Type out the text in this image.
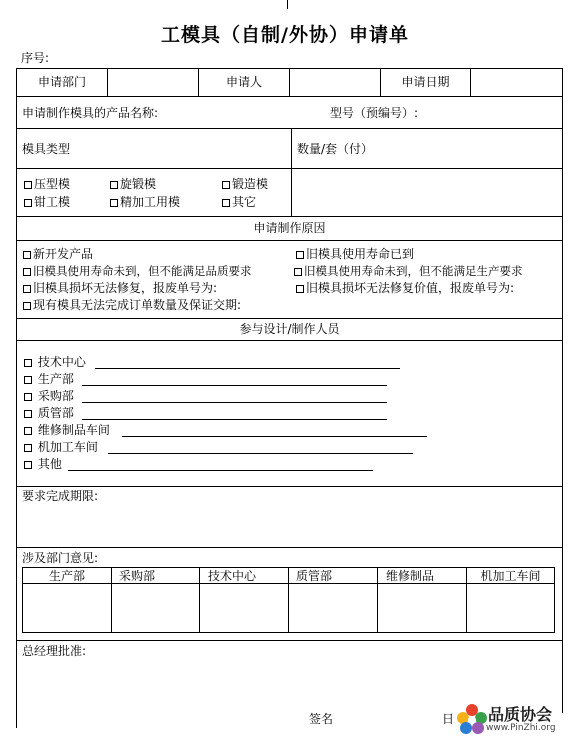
工模具（自制/外协）申请单
序号:
申请部门	申请人	申请日期
申请制作模具的产品名称:	型号（预编号）:
模具类型	数量/套（付）
压型模	旋锻模	锻造模
钳工模	精加工用模	其它
申请制作原因
新开发产品	旧模具使用寿命已到
旧模具使用寿命未到，但不能满足品质要求	旧模具使用寿命未到，但不能满足生产要求
旧模具损坏无法修复，报废单号为:	旧模具损坏无法修复价值，报废单号为:
现有模具无法完成订单数量及保证交期:
参与设计/制作人员
技术中心
生产部
采购部
质管部
维修制品车间
机加工车间
其他
要求完成期限:
涉及部门意见:
生产部	采购部	技术中心	质管部	维修制品	机加工车间
总经理批准:
签名	日 品质协会
www.PinZhi.org
